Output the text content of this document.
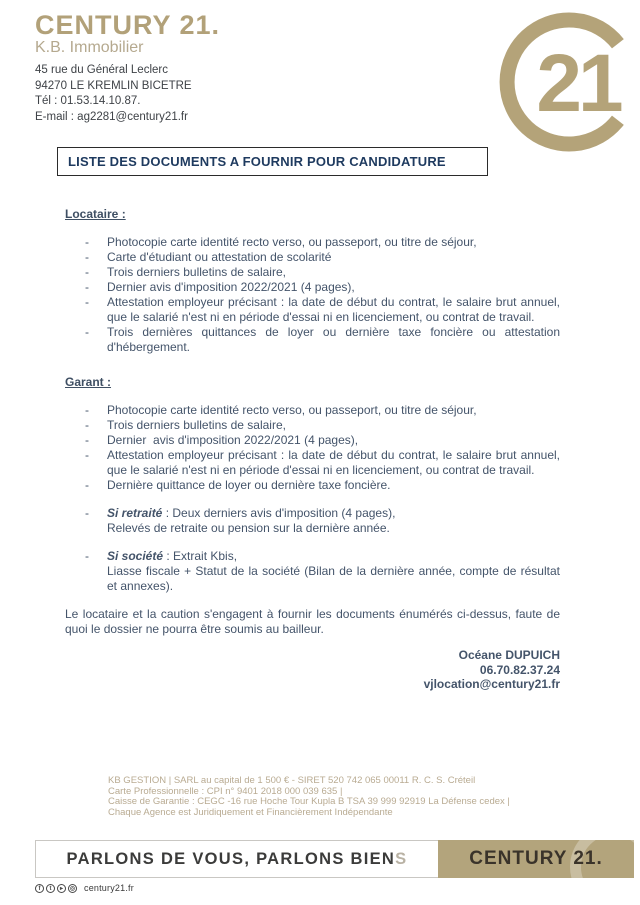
CENTURY 21.
K.B. Immobilier
45 rue du Général Leclerc
94270 LE KREMLIN BICETRE
Tél : 01.53.14.10.87.
E-mail : ag2281@century21.fr	21
LISTE DES DOCUMENTS A FOURNIR POUR CANDIDATURE
Locataire :
-	Photocopie carte identité recto verso, ou passeport, ou titre de séjour,
-	Carte d'étudiant ou attestation de scolarité
-	Trois derniers bulletins de salaire,
-	Dernier avis d'imposition 2022/2021 (4 pages),
-	Attestation employeur précisant : la date de début du contrat, le salaire brut annuel, que le salarié n'est ni en période d'essai ni en licenciement, ou contrat de travail.
-	Trois dernières quittances de loyer ou dernière taxe foncière ou attestation d'hébergement.
Garant :
-	Photocopie carte identité recto verso, ou passeport, ou titre de séjour,
-	Trois derniers bulletins de salaire,
-	Dernier  avis d'imposition 2022/2021 (4 pages),
-	Attestation employeur précisant : la date de début du contrat, le salaire brut annuel, que le salarié n'est ni en période d'essai ni en licenciement, ou contrat de travail.
-	Dernière quittance de loyer ou dernière taxe foncière.
-	Si retraité : Deux derniers avis d'imposition (4 pages),
Relevés de retraite ou pension sur la dernière année.
-	Si société : Extrait Kbis,
Liasse fiscale + Statut de la société (Bilan de la dernière année, compte de résultat et annexes).
Le locataire et la caution s'engagent à fournir les documents énumérés ci-dessus, faute de quoi le dossier ne pourra être soumis au bailleur.
Océane DUPUICH
06.70.82.37.24
vjlocation@century21.fr
KB GESTION | SARL au capital de 1 500 € - SIRET 520 742 065 00011 R. C. S. Créteil
Carte Professionnelle : CPI n° 9401 2018 000 039 635 |
Caisse de Garantie : CEGC -16 rue Hoche Tour Kupla B TSA 39 999 92919 La Défense cedex |
Chaque Agence est Juridiquement et Financièrement Indépendante
PARLONS DE VOUS, PARLONS BIENS	CENTURY 21.
f	t	▸	◎ century21.fr
